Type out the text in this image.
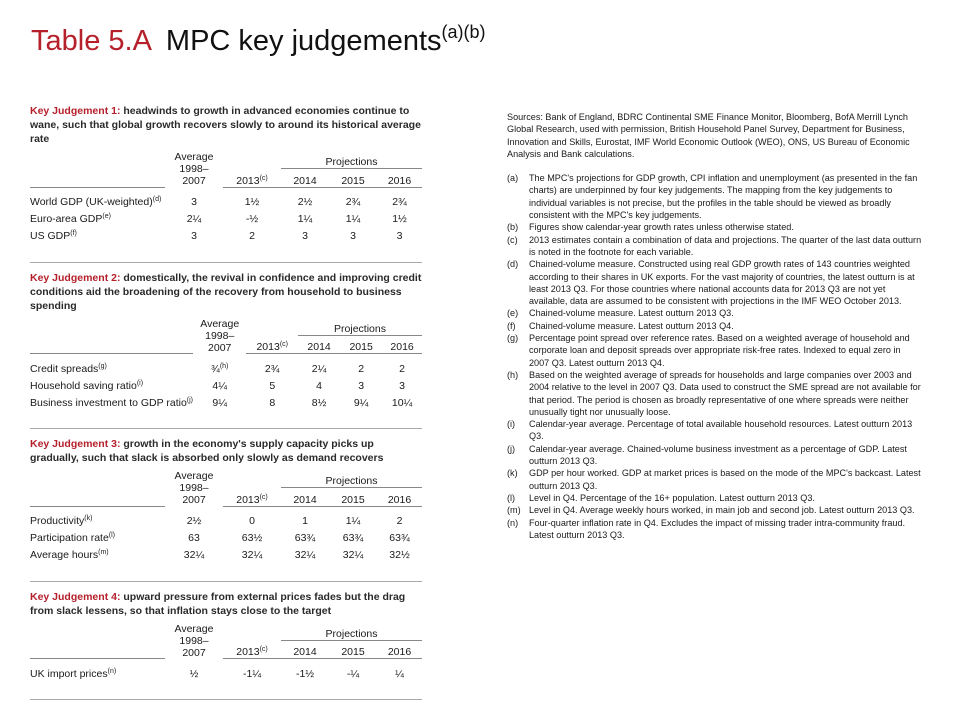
Table 5.A MPC key judgements$^{(a)(b)}$
Key Judgement 1: headwinds to growth in advanced economies continue to wane, such that global growth recovers slowly to around its historical average rate

	Average
1998–
2007		Projections		
		2013$^{(c)}$	2014	2015	2016

World GDP (UK-weighted)$^{(d)}$	3	1½	2½	2¾	2¾
Euro-area GDP$^{(e)}$	2¼	-½	1¼	1¼	1½
US GDP$^{(f)}$	3	2	3	3	3

Key Judgement 2: domestically, the revival in confidence and improving credit conditions aid the broadening of the recovery from household to business spending

	Average
1998–
2007		Projections		
		2013$^{(c)}$	2014	2015	2016

Credit spreads$^{(g)}$	¾$^{(h)}$	2¾	2¼	2	2
Household saving ratio$^{(i)}$	4¼	5	4	3	3
Business investment to GDP ratio$^{(j)}$	9¼	8	8½	9¼	10¼

Key Judgement 3: growth in the economy's supply capacity picks up gradually, such that slack is absorbed only slowly as demand recovers

	Average
1998–
2007		Projections		
		2013$^{(c)}$	2014	2015	2016

Productivity$^{(k)}$	2½	0	1	1¼	2
Participation rate$^{(l)}$	63	63½	63¾	63¾	63¾
Average hours$^{(m)}$	32¼	32¼	32¼	32¼	32½

Key Judgement 4: upward pressure from external prices fades but the drag from slack lessens, so that inflation stays close to the target

	Average
1998–
2007		Projections		
		2013$^{(c)}$	2014	2015	2016

UK import prices$^{(n)}$	½	-1¼	-1½	-¼	¼

Sources: Bank of England, BDRC Continental SME Finance Monitor, Bloomberg, BofA Merrill Lynch Global Research, used with permission, British Household Panel Survey, Department for Business, Innovation and Skills, Eurostat, IMF World Economic Outlook (WEO), ONS, US Bureau of Economic Analysis and Bank calculations.
(a)	The MPC's projections for GDP growth, CPI inflation and unemployment (as presented in the fan charts) are underpinned by four key judgements. The mapping from the key judgements to individual variables is not precise, but the profiles in the table should be viewed as broadly consistent with the MPC's key judgements.
(b)	Figures show calendar-year growth rates unless otherwise stated.
(c)	2013 estimates contain a combination of data and projections. The quarter of the last data outturn is noted in the footnote for each variable.
(d)	Chained-volume measure. Constructed using real GDP growth rates of 143 countries weighted according to their shares in UK exports. For the vast majority of countries, the latest outturn is at least 2013 Q3. For those countries where national accounts data for 2013 Q3 are not yet available, data are assumed to be consistent with projections in the IMF WEO October 2013.
(e)	Chained-volume measure. Latest outturn 2013 Q3.
(f)	Chained-volume measure. Latest outturn 2013 Q4.
(g)	Percentage point spread over reference rates. Based on a weighted average of household and corporate loan and deposit spreads over appropriate risk-free rates. Indexed to equal zero in 2007 Q3. Latest outturn 2013 Q4.
(h)	Based on the weighted average of spreads for households and large companies over 2003 and 2004 relative to the level in 2007 Q3. Data used to construct the SME spread are not available for that period. The period is chosen as broadly representative of one where spreads were neither unusually tight nor unusually loose.
(i)	Calendar-year average. Percentage of total available household resources. Latest outturn 2013 Q3.
(j)	Calendar-year average. Chained-volume business investment as a percentage of GDP. Latest outturn 2013 Q3.
(k)	GDP per hour worked. GDP at market prices is based on the mode of the MPC's backcast. Latest outturn 2013 Q3.
(l)	Level in Q4. Percentage of the 16+ population. Latest outturn 2013 Q3.
(m) Level in Q4. Average weekly hours worked, in main job and second job. Latest outturn 2013 Q3.
(n)	Four-quarter inflation rate in Q4. Excludes the impact of missing trader intra-community fraud. Latest outturn 2013 Q3.
